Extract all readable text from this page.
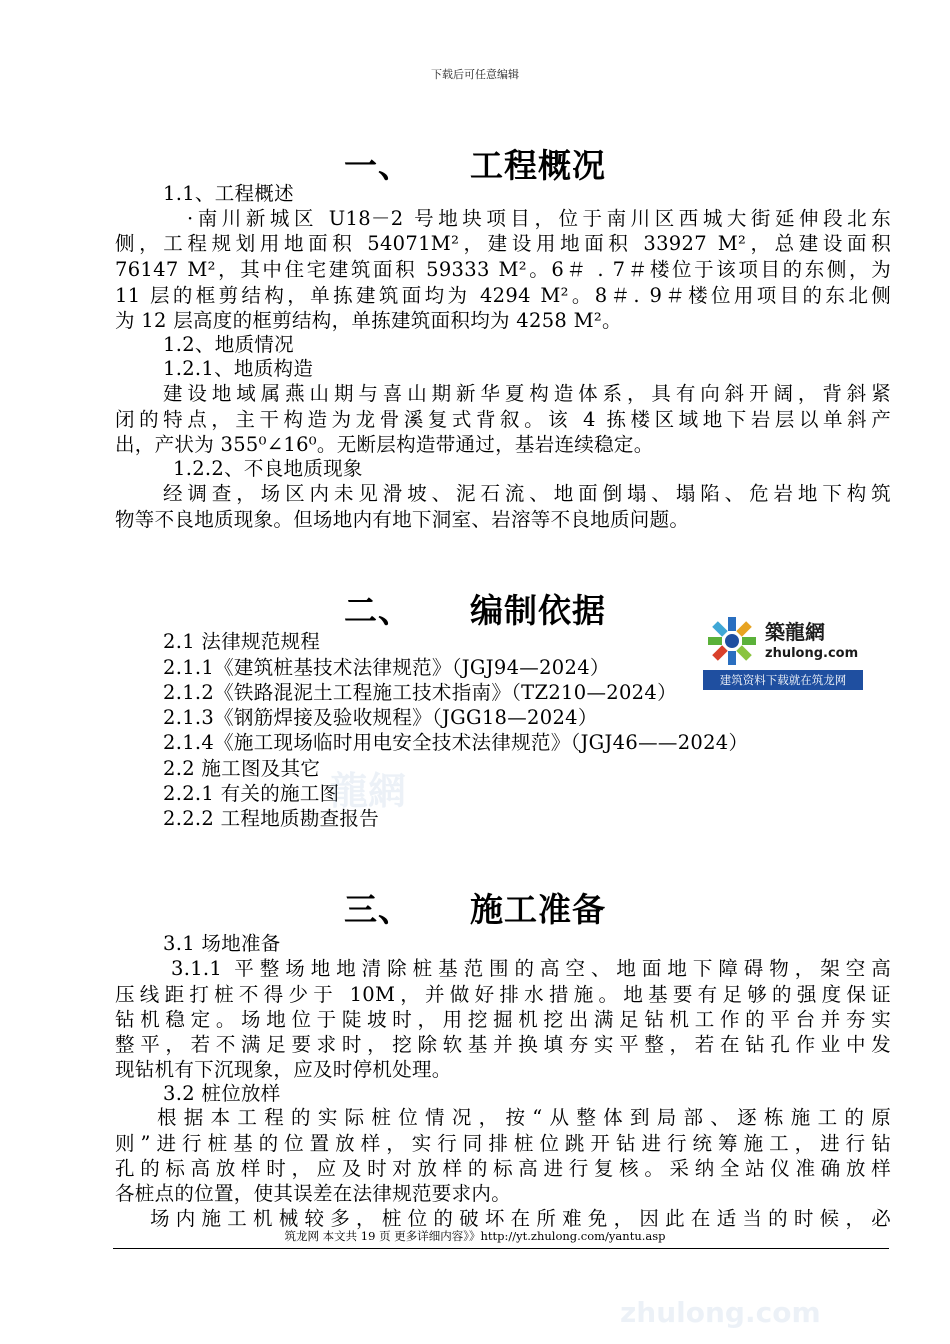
下载后可任意编辑
一、 工程概况
1.1、工程概述
·南川新城区 U18－2 号地块项目，位于南川区西城大街延伸段北东
侧，工程规划用地面积 54071M²，建设用地面积 33927 M²，总建设面积
76147 M²，其中住宅建筑面积 59333 M²。6＃ . 7＃楼位于该项目的东侧，为
11 层的框剪结构，单拣建筑面均为 4294 M²。8＃. 9＃楼位用项目的东北侧
为 12 层高度的框剪结构，单拣建筑面积均为 4258 M²。
1.2、地质情况
1.2.1、地质构造
建设地域属燕山期与喜山期新华夏构造体系，具有向斜开阔，背斜紧
闭的特点，主干构造为龙骨溪复式背叙。该 4 拣楼区域地下岩层以单斜产
出，产状为 355⁰∠16⁰。无断层构造带通过，基岩连续稳定。
1.2.2、不良地质现象
经调查，场区内未见滑坡、泥石流、地面倒塌、塌陷、危岩地下构筑
物等不良地质现象。但场地内有地下洞室、岩溶等不良地质问题。
二、 编制依据
2.1 法律规范规程
2.1.1《建筑桩基技术法律规范》（JGJ94—2024）
2.1.2《铁路混泥土工程施工技术指南》（TZ210—2024）
2.1.3《钢筋焊接及验收规程》（JGG18—2024）
2.1.4《施工现场临时用电安全技术法律规范》（JGJ46——2024）
2.2 施工图及其它
2.2.1 有关的施工图
2.2.2 工程地质勘查报告
築龍網
zhulong.com
建筑资料下载就在筑龙网
龍網
三、 施工准备
3.1 场地准备
3.1.1 平整场地地清除桩基范围的高空、地面地下障碍物，架空高
压线距打桩不得少于 10M，并做好排水措施。地基要有足够的强度保证
钻机稳定。场地位于陡坡时，用挖掘机挖出满足钻机工作的平台并夯实
整平，若不满足要求时，挖除软基并换填夯实平整，若在钻孔作业中发
现钻机有下沉现象，应及时停机处理。
3.2 桩位放样
根据本工程的实际桩位情况，按“从整体到局部、逐栋施工的原
则”进行桩基的位置放样，实行同排桩位跳开钻进行统筹施工，进行钻
孔的标高放样时，应及时对放样的标高进行复核。采纳全站仪准确放样
各桩点的位置，使其误差在法律规范要求内。
场内施工机械较多，桩位的破坏在所难免，因此在适当的时候，必
筑龙网 本文共 19 页 更多详细内容》》http://yt.zhulong.com/yantu.asp
zhulong.com
